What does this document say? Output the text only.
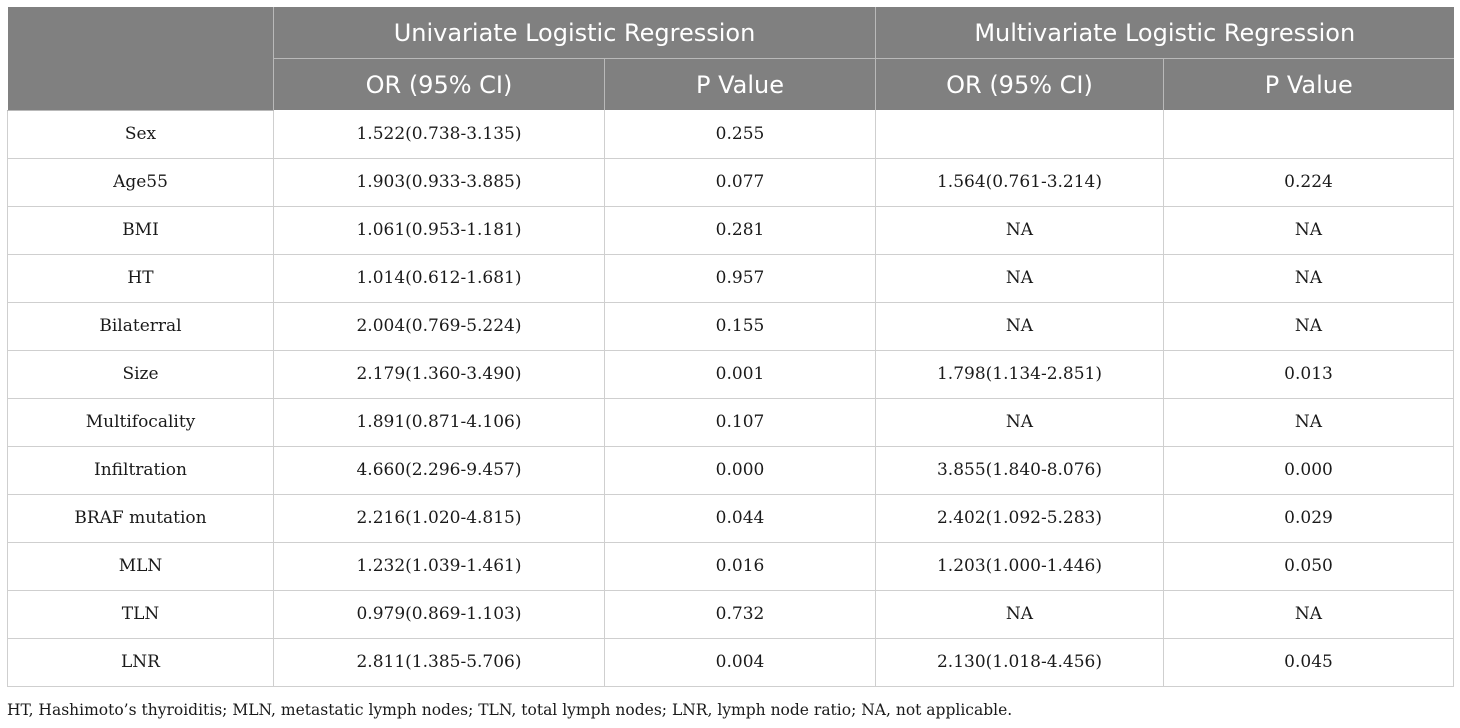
	Univariate Logistic Regression		Multivariate Logistic Regression	
	OR (95% CI)	P Value	OR (95% CI)	P Value
Sex	1.522(0.738-3.135)	0.255		
Age55	1.903(0.933-3.885)	0.077	1.564(0.761-3.214)	0.224
BMI	1.061(0.953-1.181)	0.281	NA	NA
HT	1.014(0.612-1.681)	0.957	NA	NA
Bilaterral	2.004(0.769-5.224)	0.155	NA	NA
Size	2.179(1.360-3.490)	0.001	1.798(1.134-2.851)	0.013
Multifocality	1.891(0.871-4.106)	0.107	NA	NA
Infiltration	4.660(2.296-9.457)	0.000	3.855(1.840-8.076)	0.000
BRAF mutation	2.216(1.020-4.815)	0.044	2.402(1.092-5.283)	0.029
MLN	1.232(1.039-1.461)	0.016	1.203(1.000-1.446)	0.050
TLN	0.979(0.869-1.103)	0.732	NA	NA
LNR	2.811(1.385-5.706)	0.004	2.130(1.018-4.456)	0.045
HT, Hashimoto’s thyroiditis; MLN, metastatic lymph nodes; TLN, total lymph nodes; LNR, lymph node ratio; NA, not applicable.
